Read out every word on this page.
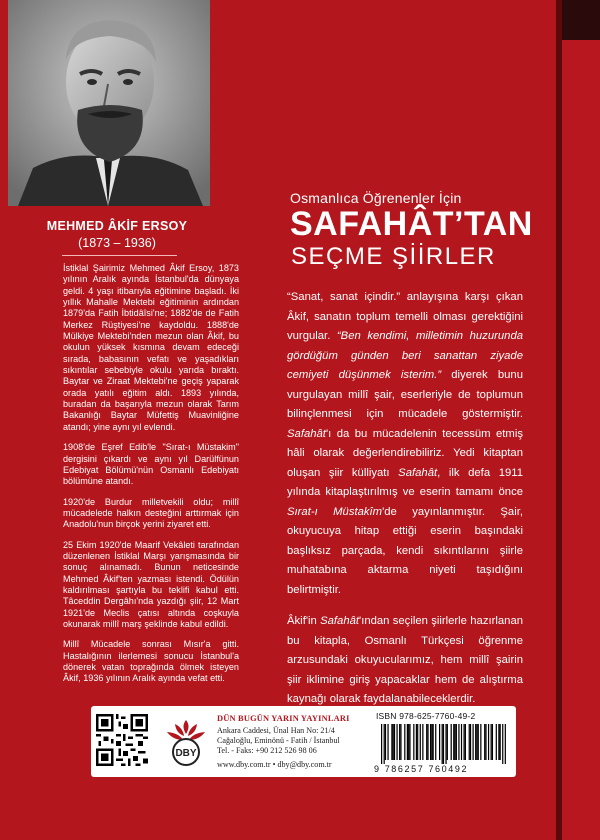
MEHMED ÂKİF ERSOY
(1873 – 1936)

İstiklal Şairimiz Mehmed Âkif Ersoy, 1873 yılının Aralık ayında İstanbul'da dünyaya geldi. 4 yaşı itibarıyla eğitimine başladı. İki yıllık Mahalle Mektebi eğitiminin ardından 1879'da Fatih İbtidâîsi'ne; 1882'de de Fatih Merkez Rüştiyesi'ne kaydoldu. 1888'de Mülkiye Mektebi'nden mezun olan Âkif, bu okulun yüksek kısmına devam edeceği sırada, babasının vefatı ve yaşadıkları sıkıntılar sebebiyle okulu yarıda bıraktı. Baytar ve Ziraat Mektebi'ne geçiş yaparak orada yatılı eğitim aldı. 1893 yılında, buradan da başarıyla mezun olarak Tarım Bakanlığı Baytar Müfettiş Muavinliğine atandı; yine aynı yıl evlendi.

1908'de Eşref Edib'le "Sırat-ı Müstakim" dergisini çıkardı ve aynı yıl Darülfünun Edebiyat Bölümü'nün Osmanlı Edebiyatı bölümüne atandı.

1920'de Burdur milletvekili oldu; millî mücadelede halkın desteğini arttırmak için Anadolu'nun birçok yerini ziyaret etti.

25 Ekim 1920'de Maarif Vekâleti tarafından düzenlenen İstiklal Marşı yarışmasında bir sonuç alınamadı. Bunun neticesinde Mehmed Âkif'ten yazması istendi. Ödülün kaldırılması şartıyla bu teklifi kabul etti. Tâceddin Dergâhı'nda yazdığı şiir, 12 Mart 1921'de Meclis çatısı altında coşkuyla okunarak millî marş şeklinde kabul edildi.

Millî Mücadele sonrası Mısır'a gitti. Hastalığının ilerlemesi sonucu İstanbul'a dönerek vatan toprağında ölmek isteyen Âkif, 1936 yılının Aralık ayında vefat etti.

Osmanlıca Öğrenenler İçin
SAFAHÂT’TAN
SEÇME ŞİİRLER

“Sanat, sanat içindir.” anlayışına karşı çıkan Âkif, sanatın toplum temelli olması gerektiğini vurgular. “Ben kendimi, milletimin huzurunda gördüğüm günden beri sanattan ziyade cemiyeti düşünmek isterim.” diyerek bunu vurgulayan millî şair, eserleriyle de toplumun bilinçlenmesi için mücadele göstermiştir. Safahât'ı da bu mücadelenin tecessüm etmiş hâli olarak değerlendirebiliriz. Yedi kitaptan oluşan şiir külliyatı Safahât, ilk defa 1911 yılında kitaplaştırılmış ve eserin tamamı önce Sırat-ı Müstakîm'de yayınlanmıştır. Şair, okuyucuya hitap ettiği eserin başındaki başlıksız parçada, kendi sıkıntılarını şiirle muhatabına aktarma niyeti taşıdığını belirtmiştir.

Âkif'in Safahât'ından seçilen şiirlerle hazırlanan bu kitapla, Osmanlı Türkçesi öğrenme arzusundaki okuyucularımız, hem millî şairin şiir iklimine giriş yapacaklar hem de alıştırma kaynağı olarak faydalanabileceklerdir.

DBY
DÜN BUGÜN YARIN YAYINLARI
Ankara Caddesi, Ünal Han No: 21/4
Cağaloğlu, Eminönü - Fatih / İstanbul
Tel. - Faks: +90 212 526 98 06
www.dby.com.tr • dby@dby.com.tr
ISBN 978-625-7760-49-2
9 786257 760492
